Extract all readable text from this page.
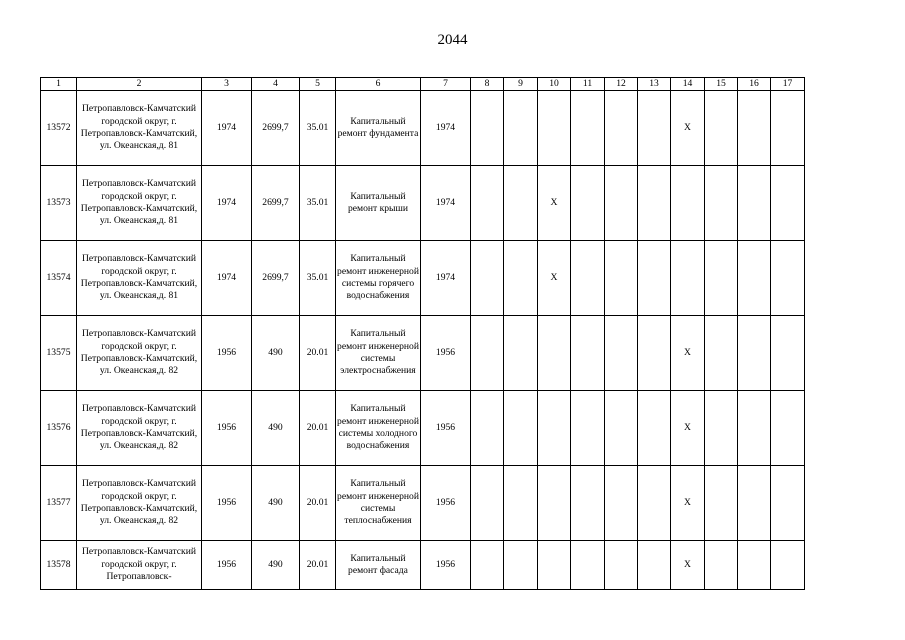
2044
1	2	3	4	5	6	7	8	9	10	11	12	13	14	15	16	17
13572	Петропавловск-Камчатский городской округ, г. Петропавловск-Камчатский, ул. Океанская,д. 81	1974	2699,7	35.01	Капитальный ремонт фундамента	1974							X			
13573	Петропавловск-Камчатский городской округ, г. Петропавловск-Камчатский, ул. Океанская,д. 81	1974	2699,7	35.01	Капитальный ремонт крыши	1974			X							
13574	Петропавловск-Камчатский городской округ, г. Петропавловск-Камчатский, ул. Океанская,д. 81	1974	2699,7	35.01	Капитальный ремонт инженерной системы горячего водоснабжения	1974			X							
13575	Петропавловск-Камчатский городской округ, г. Петропавловск-Камчатский, ул. Океанская,д. 82	1956	490	20.01	Капитальный ремонт инженерной системы электроснабжения	1956							X			
13576	Петропавловск-Камчатский городской округ, г. Петропавловск-Камчатский, ул. Океанская,д. 82	1956	490	20.01	Капитальный ремонт инженерной системы холодного водоснабжения	1956							X			
13577	Петропавловск-Камчатский городской округ, г. Петропавловск-Камчатский, ул. Океанская,д. 82	1956	490	20.01	Капитальный ремонт инженерной системы теплоснабжения	1956							X			
13578	Петропавловск-Камчатский городской округ, г. Петропавловск-	1956	490	20.01	Капитальный ремонт фасада	1956							X			
